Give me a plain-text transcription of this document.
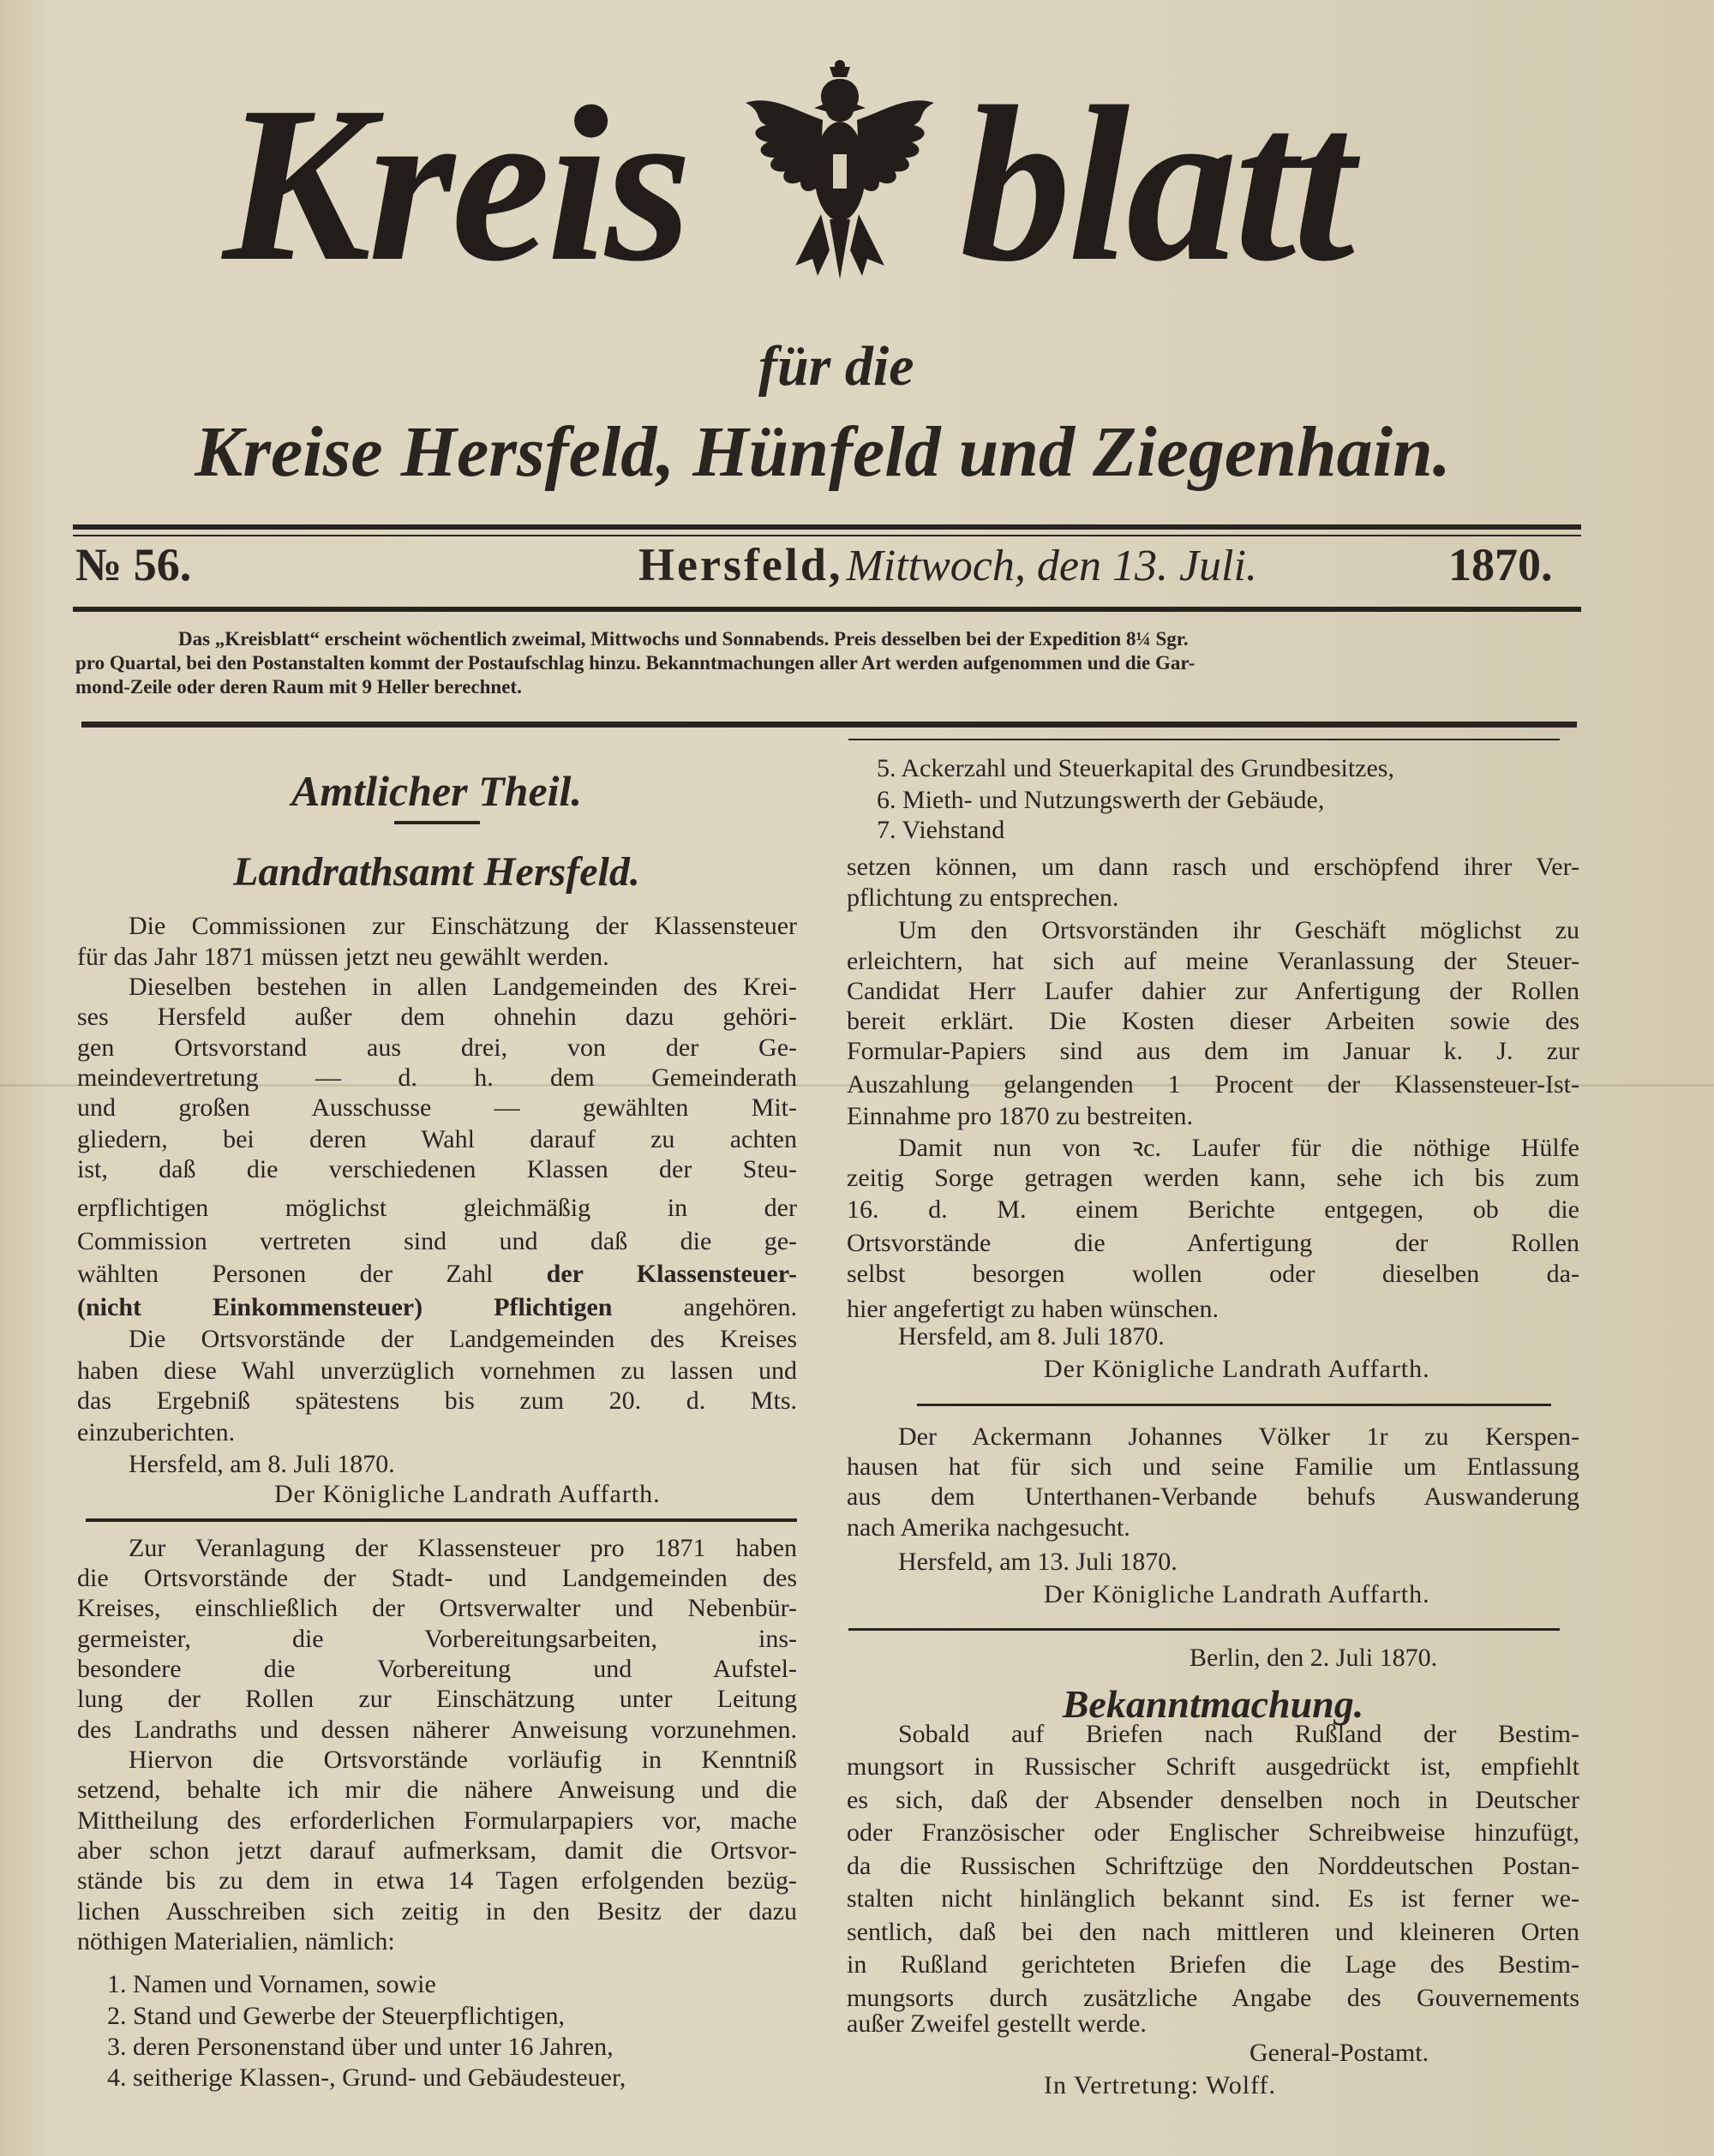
Kreis blatt
für die
Kreise Hersfeld, Hünfeld und Ziegenhain.
№ 56.	Hersfeld, Mittwoch, den 13. Juli.	1870.
Das „Kreisblatt“ erscheint wöchentlich zweimal, Mittwochs und Sonnabends. Preis desselben bei der Expedition 8¼ Sgr.
pro Quartal, bei den Postanstalten kommt der Postaufschlag hinzu. Bekanntmachungen aller Art werden aufgenommen und die Gar-
mond-Zeile oder deren Raum mit 9 Heller berechnet.
Amtlicher Theil.
Landrathsamt Hersfeld.
Die Commissionen zur Einschätzung der Klassensteuer
für das Jahr 1871 müssen jetzt neu gewählt werden.
Dieselben bestehen in allen Landgemeinden des Krei-
ses Hersfeld außer dem ohnehin dazu gehöri-
gen Ortsvorstand aus drei, von der Ge-
meindevertretung — d. h. dem Gemeinderath
und großen Ausschusse — gewählten Mit-
gliedern, bei deren Wahl darauf zu achten
ist, daß die verschiedenen Klassen der Steu-
erpflichtigen möglichst gleichmäßig in der
Commission vertreten sind und daß die ge-
wählten Personen der Zahl der Klassensteuer-
(nicht Einkommensteuer) Pflichtigen angehören.
Die Ortsvorstände der Landgemeinden des Kreises
haben diese Wahl unverzüglich vornehmen zu lassen und
das Ergebniß spätestens bis zum 20. d. Mts.
einzuberichten.
Hersfeld, am 8. Juli 1870.
Der Königliche Landrath Auffarth.
Zur Veranlagung der Klassensteuer pro 1871 haben
die Ortsvorstände der Stadt- und Landgemeinden des
Kreises, einschließlich der Ortsverwalter und Nebenbür-
germeister, die Vorbereitungsarbeiten, ins-
besondere die Vorbereitung und Aufstel-
lung der Rollen zur Einschätzung unter Leitung
des Landraths und dessen näherer Anweisung vorzunehmen.
Hiervon die Ortsvorstände vorläufig in Kenntniß
setzend, behalte ich mir die nähere Anweisung und die
Mittheilung des erforderlichen Formularpapiers vor, mache
aber schon jetzt darauf aufmerksam, damit die Ortsvor-
stände bis zu dem in etwa 14 Tagen erfolgenden bezüg-
lichen Ausschreiben sich zeitig in den Besitz der dazu
nöthigen Materialien, nämlich:
1. Namen und Vornamen, sowie
2. Stand und Gewerbe der Steuerpflichtigen,
3. deren Personenstand über und unter 16 Jahren,
4. seitherige Klassen-, Grund- und Gebäudesteuer,
5. Ackerzahl und Steuerkapital des Grundbesitzes,
6. Mieth- und Nutzungswerth der Gebäude,
7. Viehstand
setzen können, um dann rasch und erschöpfend ihrer Ver-
pflichtung zu entsprechen.
Um den Ortsvorständen ihr Geschäft möglichst zu
erleichtern, hat sich auf meine Veranlassung der Steuer-
Candidat Herr Laufer dahier zur Anfertigung der Rollen
bereit erklärt. Die Kosten dieser Arbeiten sowie des
Formular-Papiers sind aus dem im Januar k. J. zur
Auszahlung gelangenden 1 Procent der Klassensteuer-Ist-
Einnahme pro 1870 zu bestreiten.
Damit nun von ꝛc. Laufer für die nöthige Hülfe
zeitig Sorge getragen werden kann, sehe ich bis zum
16. d. M. einem Berichte entgegen, ob die
Ortsvorstände die Anfertigung der Rollen
selbst besorgen wollen oder dieselben da-
hier angefertigt zu haben wünschen.
Hersfeld, am 8. Juli 1870.
Der Königliche Landrath Auffarth.
Der Ackermann Johannes Völker 1r zu Kerspen-
hausen hat für sich und seine Familie um Entlassung
aus dem Unterthanen-Verbande behufs Auswanderung
nach Amerika nachgesucht.
Hersfeld, am 13. Juli 1870.
Der Königliche Landrath Auffarth.
Berlin, den 2. Juli 1870.
Bekanntmachung.
Sobald auf Briefen nach Rußland der Bestim-
mungsort in Russischer Schrift ausgedrückt ist, empfiehlt
es sich, daß der Absender denselben noch in Deutscher
oder Französischer oder Englischer Schreibweise hinzufügt,
da die Russischen Schriftzüge den Norddeutschen Postan-
stalten nicht hinlänglich bekannt sind. Es ist ferner we-
sentlich, daß bei den nach mittleren und kleineren Orten
in Rußland gerichteten Briefen die Lage des Bestim-
mungsorts durch zusätzliche Angabe des Gouvernements
außer Zweifel gestellt werde.
General-Postamt.
In Vertretung: Wolff.
